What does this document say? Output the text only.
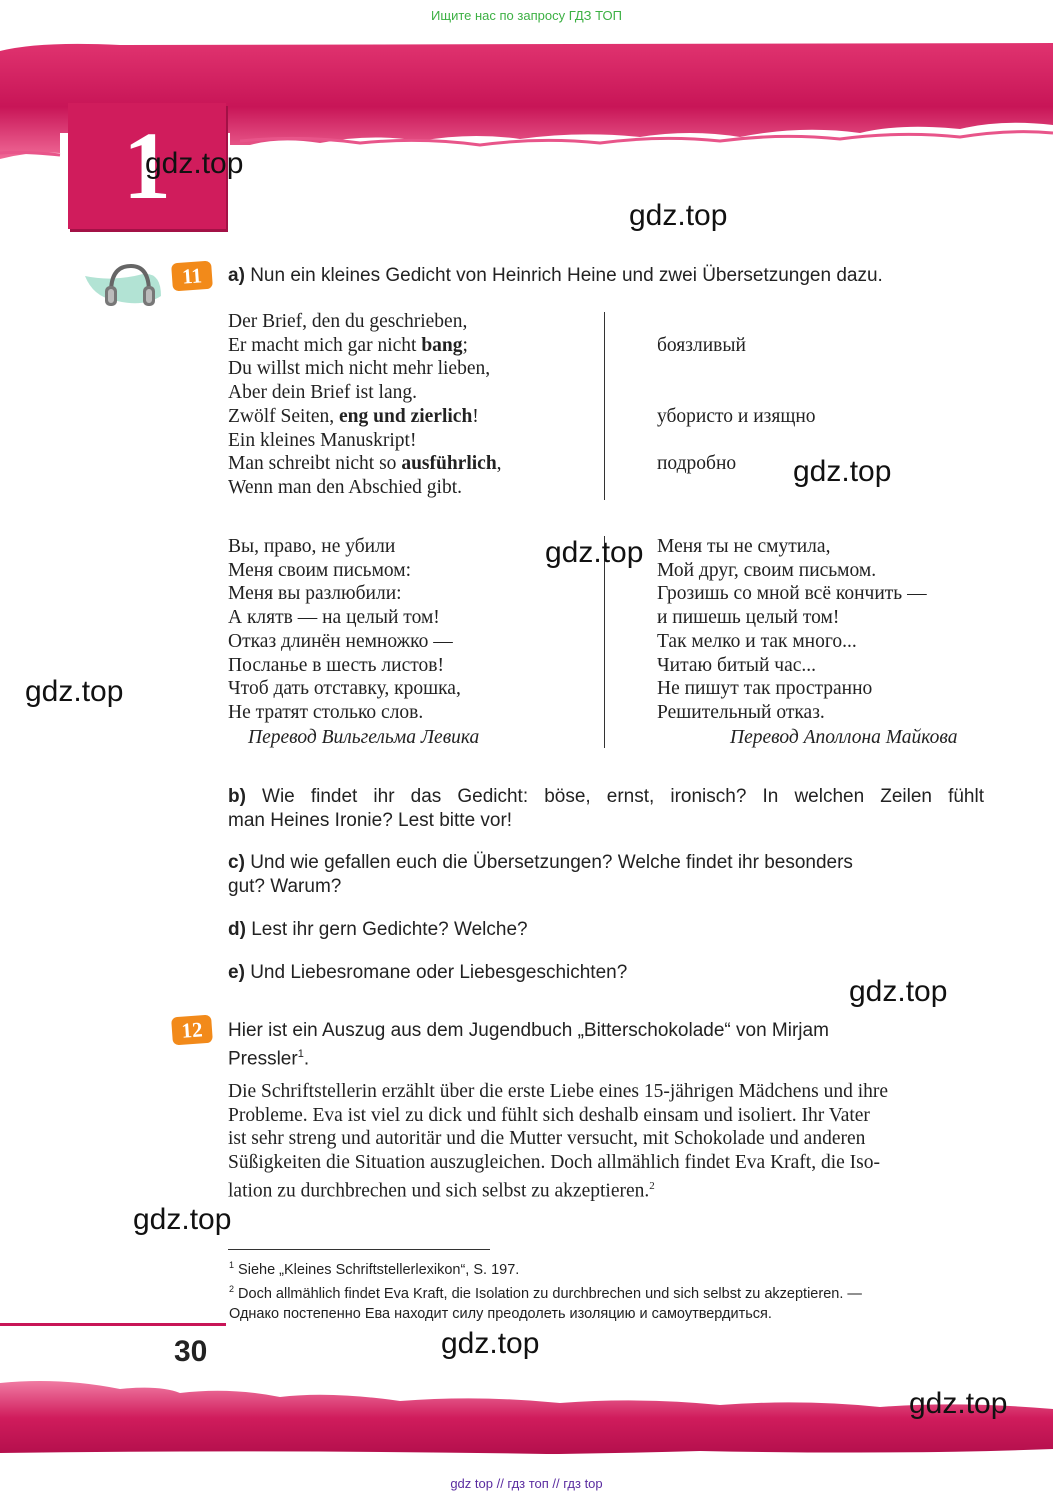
Ищите нас по запросу ГДЗ ТОП
1
11	a) Nun ein kleines Gedicht von Heinrich Heine und zwei Übersetzungen dazu.
Der Brief, den du geschrieben,
Er macht mich gar nicht bang;
Du willst mich nicht mehr lieben,
Aber dein Brief ist lang.
Zwölf Seiten, eng und zierlich!
Ein kleines Manuskript!
Man schreibt nicht so ausführlich,
Wenn man den Abschied gibt.
боязливый
убористо и изящно
подробно
Вы, право, не убили
Меня своим письмом:
Меня вы разлюбили:
А клятв — на целый том!
Отказ длинён немножко —
Посланье в шесть листов!
Чтоб дать отставку, крошка,
Не тратят столько слов.
Перевод Вильгельма Левика
Меня ты не смутила,
Мой друг, своим письмом.
Грозишь со мной всё кончить —
и пишешь целый том!
Так мелко и так много...
Читаю битый час...
Не пишут так пространно
Решительный отказ.
Перевод Аполлона Майкова
b) Wie findet ihr das Gedicht: böse, ernst, ironisch? In welchen Zeilen fühlt
man Heines Ironie? Lest bitte vor!
c) Und wie gefallen euch die Übersetzungen? Welche findet ihr besonders
gut? Warum?
d) Lest ihr gern Gedichte? Welche?
e) Und Liebesromane oder Liebesgeschichten?
12	Hier ist ein Auszug aus dem Jugendbuch „Bitterschokolade“ von Mirjam
Pressler$^1$.
Die Schriftstellerin erzählt über die erste Liebe eines 15-jährigen Mädchens und ihre
Probleme. Eva ist viel zu dick und fühlt sich deshalb einsam und isoliert. Ihr Vater
ist sehr streng und autoritär und die Mutter versucht, mit Schokolade und anderen
Süßigkeiten die Situation auszugleichen. Doch allmählich findet Eva Kraft, die Iso-
lation zu durchbrechen und sich selbst zu akzeptieren.$^2$
$^1$ Siehe „Kleines Schriftstellerlexikon“, S. 197.
$^2$ Doch allmählich findet Eva Kraft, die Isolation zu durchbrechen und sich selbst zu akzeptieren. —
Однако постепенно Ева находит силу преодолеть изоляцию и самоутвердиться.
30
gdz.top
gdz.top
gdz.top
gdz.top
gdz.top
gdz.top
gdz.top
gdz.top
gdz.top
gdz top // гдз топ // гдз top
